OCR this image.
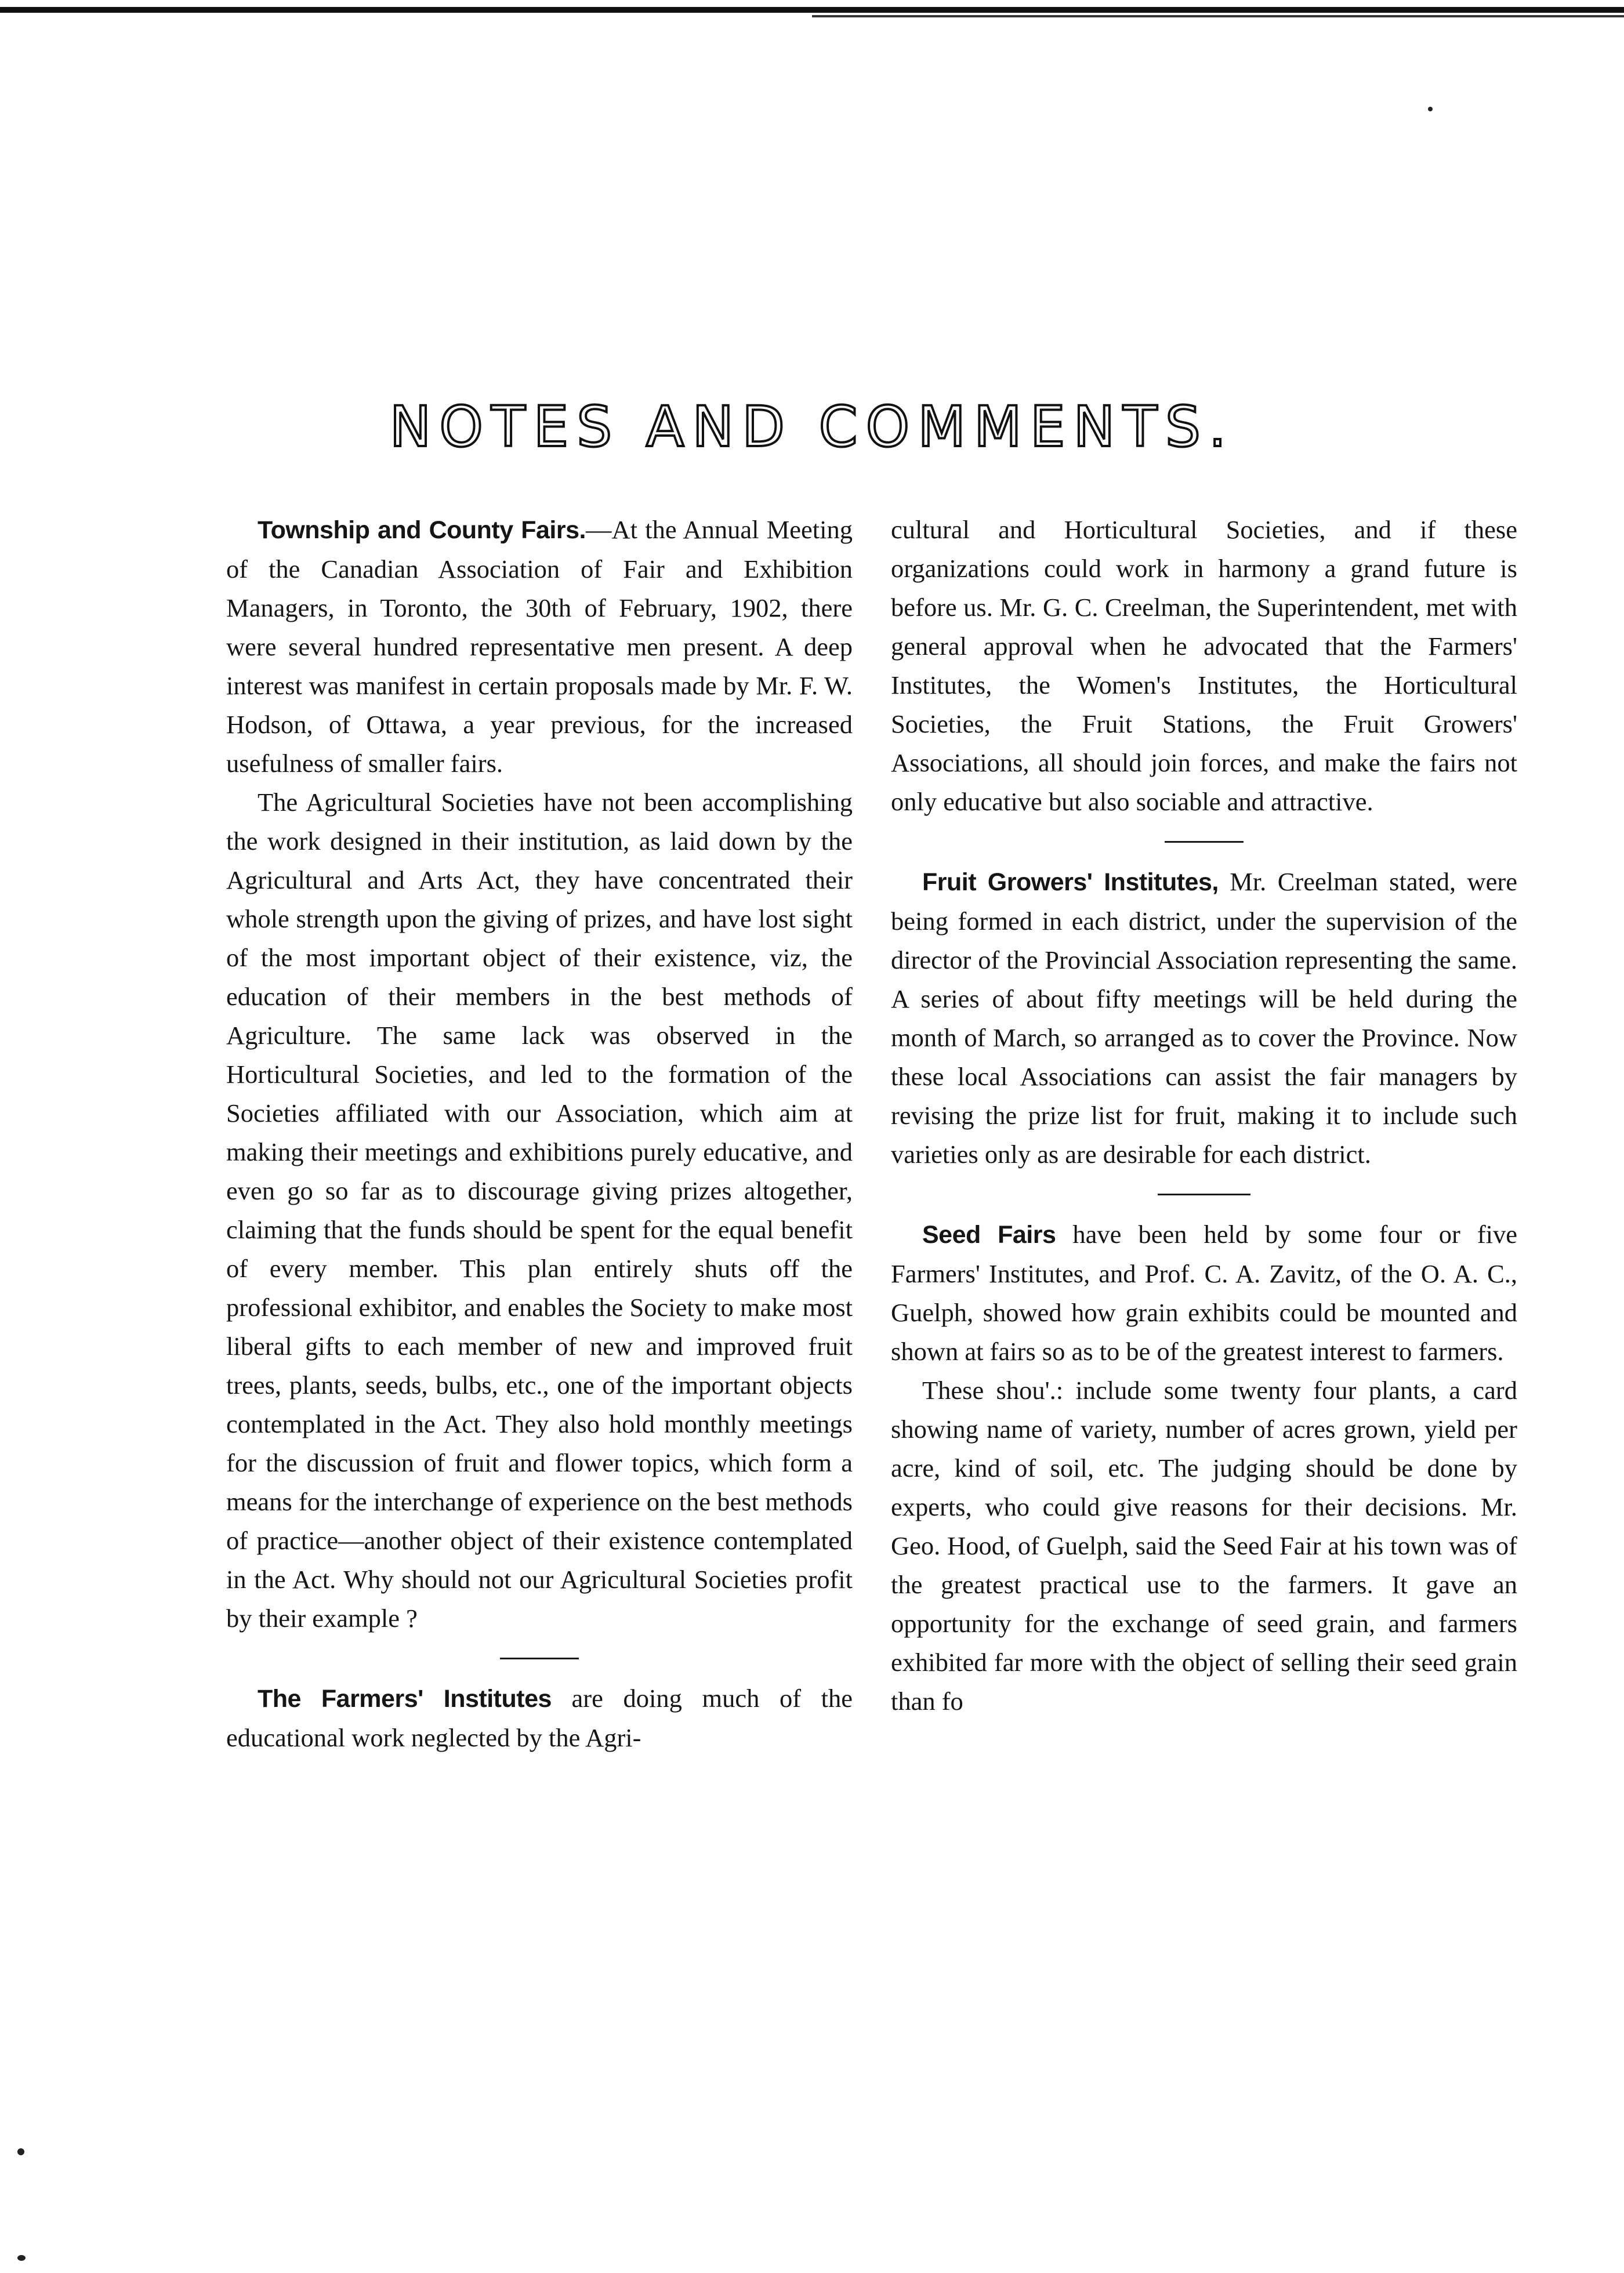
NOTES AND COMMENTS.

Township and County Fairs.—At the Annual Meeting of the Canadian Association of Fair and Exhibition Managers, in Toronto, the 30th of February, 1902, there were several hundred representative men present. A deep interest was manifest in certain proposals made by Mr. F. W. Hodson, of Ottawa, a year previous, for the increased usefulness of smaller fairs.

The Agricultural Societies have not been accomplishing the work designed in their institution, as laid down by the Agricultural and Arts Act, they have concentrated their whole strength upon the giving of prizes, and have lost sight of the most important object of their existence, viz, the education of their members in the best methods of Agriculture. The same lack was observed in the Horticultural Societies, and led to the formation of the Societies affiliated with our Association, which aim at making their meetings and exhibitions purely educative, and even go so far as to discourage giving prizes altogether, claiming that the funds should be spent for the equal benefit of every member. This plan entirely shuts off the professional exhibitor, and enables the Society to make most liberal gifts to each member of new and improved fruit trees, plants, seeds, bulbs, etc., one of the important objects contemplated in the Act. They also hold monthly meetings for the discussion of fruit and flower topics, which form a means for the interchange of experience on the best methods of practice—another object of their existence contemplated in the Act. Why should not our Agricultural Societies profit by their example ?

The Farmers' Institutes are doing much of the educational work neglected by the Agri-

cultural and Horticultural Societies, and if these organizations could work in harmony a grand future is before us. Mr. G. C. Creelman, the Superintendent, met with general approval when he advocated that the Farmers' Institutes, the Women's Institutes, the Horticultural Societies, the Fruit Stations, the Fruit Growers' Associations, all should join forces, and make the fairs not only educative but also sociable and attractive.

Fruit Growers' Institutes, Mr. Creelman stated, were being formed in each district, under the supervision of the director of the Provincial Association representing the same. A series of about fifty meetings will be held during the month of March, so arranged as to cover the Province. Now these local Associations can assist the fair managers by revising the prize list for fruit, making it to include such varieties only as are desirable for each district.

Seed Fairs have been held by some four or five Farmers' Institutes, and Prof. C. A. Zavitz, of the O. A. C., Guelph, showed how grain exhibits could be mounted and shown at fairs so as to be of the greatest interest to farmers.

These shou'.: include some twenty four plants, a card showing name of variety, number of acres grown, yield per acre, kind of soil, etc. The judging should be done by experts, who could give reasons for their decisions. Mr. Geo. Hood, of Guelph, said the Seed Fair at his town was of the greatest practical use to the farmers. It gave an opportunity for the exchange of seed grain, and farmers exhibited far more with the object of selling their seed grain than fo
